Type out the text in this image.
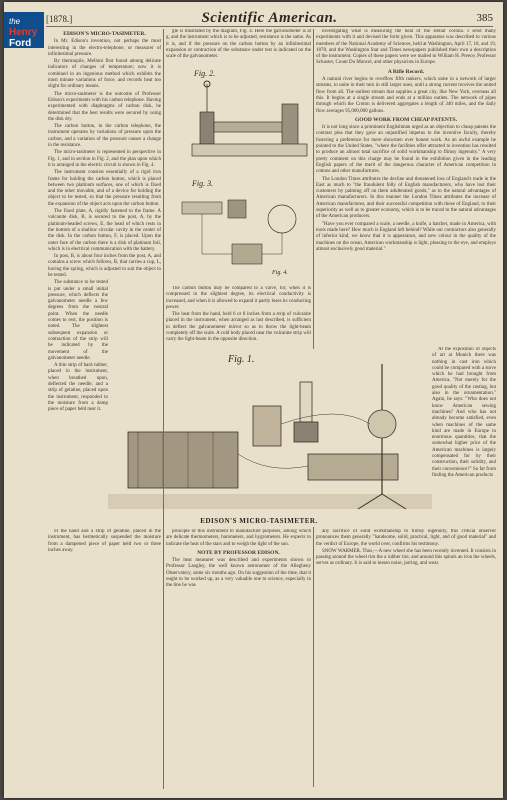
the
Henry
Ford
[1878.]	Scientific American.	385
EDISON'S MICRO-TASIMETER.

In Mr. Edison's invention, not perhaps the most interesting in the electro-telephone, or measurer of infinitesimal pressure.

By thermopile, Melloni first found among delicate indicators of changes of temperature; now it is combined in an ingenious method which exhibits the most minute variations of force, and records heat too slight for ordinary means.

The micro-tasimeter is the outcome of Professor Edison's experiments with his carbon telephone. Having experimented with diaphragms of carbon disk, he determined that the best results were secured by using the disk dry.

The carbon button, in the carbon telephone, the instrument operates by variations of pressure upon the carbon, and a variation of the pressure causes a change in the resistance.

The micro-tasimeter is represented in perspective in Fig. 1, and in section in Fig. 2, and the plan upon which it is arranged in the electric circuit is shown in Fig. 4.

The instrument consists essentially of a rigid iron frame for holding the carbon button, which is placed between two platinum surfaces, one of which is fixed and the other movable, and of a device for holding the object to be tested, so that the pressure resulting from the expansion of the object acts upon the carbon button.

The fixed plate, A, rigidly fastened to the frame. A vulcanite disk, B, is secured to the post, A, by the platinum-headed screws, E, the head of which rests in the bottom of a shallow circular cavity in the center of the disk. In the carbon button, F, is placed. Upon the outer face of the carbon there is a disk of platinum foil, which is in electrical communication with the battery.

In post, B, is about four inches from the post, A, and contains a screw which follows, B, that carries a cup, L, having the spring, which is adjusted to suit the object to be tested.

The substance to be tested is put under a small initial pressure, which deflects the galvanometer needle a few degrees from the neutral point. When the needle comes to rest, the position is noted. The slightest subsequent expansion or contraction of the strip will be indicated by the movement of the galvanometer needle.

A thin strip of hard rubber, placed in the instrument, when breathed upon, deflected the needle; and a strip of gelatine, placed upon the instrument, responded to the moisture from a damp piece of paper held near it.

gle is illustrated by the diagram, Fig. 4. Here the galvanometer is at g, and the instrument which is to be adjusted, resistance is the same. As it is, and if the pressure on the carbon button by an infinitesimal expansion or contraction of the substance under test is indicated on the scale of the galvanometer.

Fig. 2.
Fig. 3.
Fig. 4.

The carbon button may be compared to a valve, for, when it is compressed in the slightest degree, its electrical conductivity is increased, and when it is allowed to expand it partly loses its conducting power.

The heat from the hand, held 6 or 8 inches from a strip of vulcanite placed in the instrument, when arranged as last described, is sufficient to deflect the galvanometer mirror so as to throw the light-beam completely off the scale. A cold body placed near the vulcanite strip will carry the light-beam in the opposite direction.

investigating what is measuring the heat of the stellar corona. I send many experiments with it and devised the form given. This apparatus was described to various members of the National Academy of Sciences, held at Washington, April 17, 18, and 19, 1878, and the Washington Star and Times newspapers published their own a description of the instrument. Copies of these papers were we mailed to William H. Preece, Professor Schuster, Count Du Moncel, and other physicists in Europe.

A Rifle Record.

A natural river begins to overflow fifth rankers, which unite in a network of larger streams, to unite in their turn in still larger ones, until a strong current receives the united flow from all. The earliest stream that supplies a great city, like New York, overseas all this. It begins at a single stream and ends at a million outlets. The network of pipes through which the Croton is delivered aggregates a length of 340 miles, and the daily flow averages 95,000,000 gallons.

GOOD WORK FROM CHEAP PATENTS.

It is not long since a prominent Englishman urged as an objection to cheap patents the contrast plea that they gave an unjustified impetus to the inventive faculty, thereby fostering a preference for mere showmen over honest work. As an awful example he pointed to the United States, "where the facilities offer attracted to invention has resulted to produce an almost total sacrifice of solid workmanship to flimsy ingenuity." A very pretty comment on this charge may be found in the exhibition given in the leading English papers of the merit of the dangerous character of American competition in cottons and other manufactures.

The London Times attributes the decline and threatened loss of England's trade in the East as much to "the fraudulent folly of English manufacturers, who have lost their customers by palming off on them adulterated goods," as to the natural advantages of American manufacturers. In this manner the London Times attributes the increase of American manufactures, and their successful competition with those of England, to their superiority as well as to greater economy, which is to be traced to the natural advantages of the American producers.

"Have you ever compared a scale, a needle, a knife, a hatchet, made in America, with tools made here? How much is England left behind? While our contractors also generally of inferior kind, we know that it is appearance, and new colour in the quality of the machines on the ocean, American workmanship is light, pleasing to the eye, and employs almost exclusively good material."

At the exposition of objects of art at Munich there was nothing in cast iron which could be compared with a stove which he had brought from America. "Not merely for the good quality of the casting, but also in the ornamentation." Again, he says: "Who does not know American sewing machines? And who has not already become satisfied, even when machines of the same kind are made in Europe in enormous quantities, that the somewhat higher price of the American machines is largely compensated for by their construction, their solidity, and their convenience?" So far from finding the American products

Fig. 1.
EDISON'S MICRO-TASIMETER.

of the hand and a strip of gelatine, placed in the instrument, has hermetically suspended the moisture from a dampened piece of paper held two or three inches away.

principle of this instrument to manufacture purposes, among which are delicate thermometers, barometers, and hygrometers. He expects to indicate the heat of the stars and to weigh the light of the sun.

NOTE BY PROFESSOR EDISON.

The heat measurer was described and experiments shown to Professor Langley, the well known astronomer of the Allegheny Observatory, some six months ago. On his suggestion of the time, that it ought to be worked up, as a very valuable one to science, especially in the line he was

any sacrifice of solid workmanship to flimsy ingenuity, this critical observer pronounces them generally "handsome, solid, practical, light, and of good material" and the verdict of Europe, the world over, confirms his testimony.

SNOW WARMER. Thus,—A new wheel she has been recently invented. It consists in passing around the wheel rim the a rubber tire, and around this spirals an iron the wheels, serves as ordinary. It is said to lessen noise, jarring, and wear.
